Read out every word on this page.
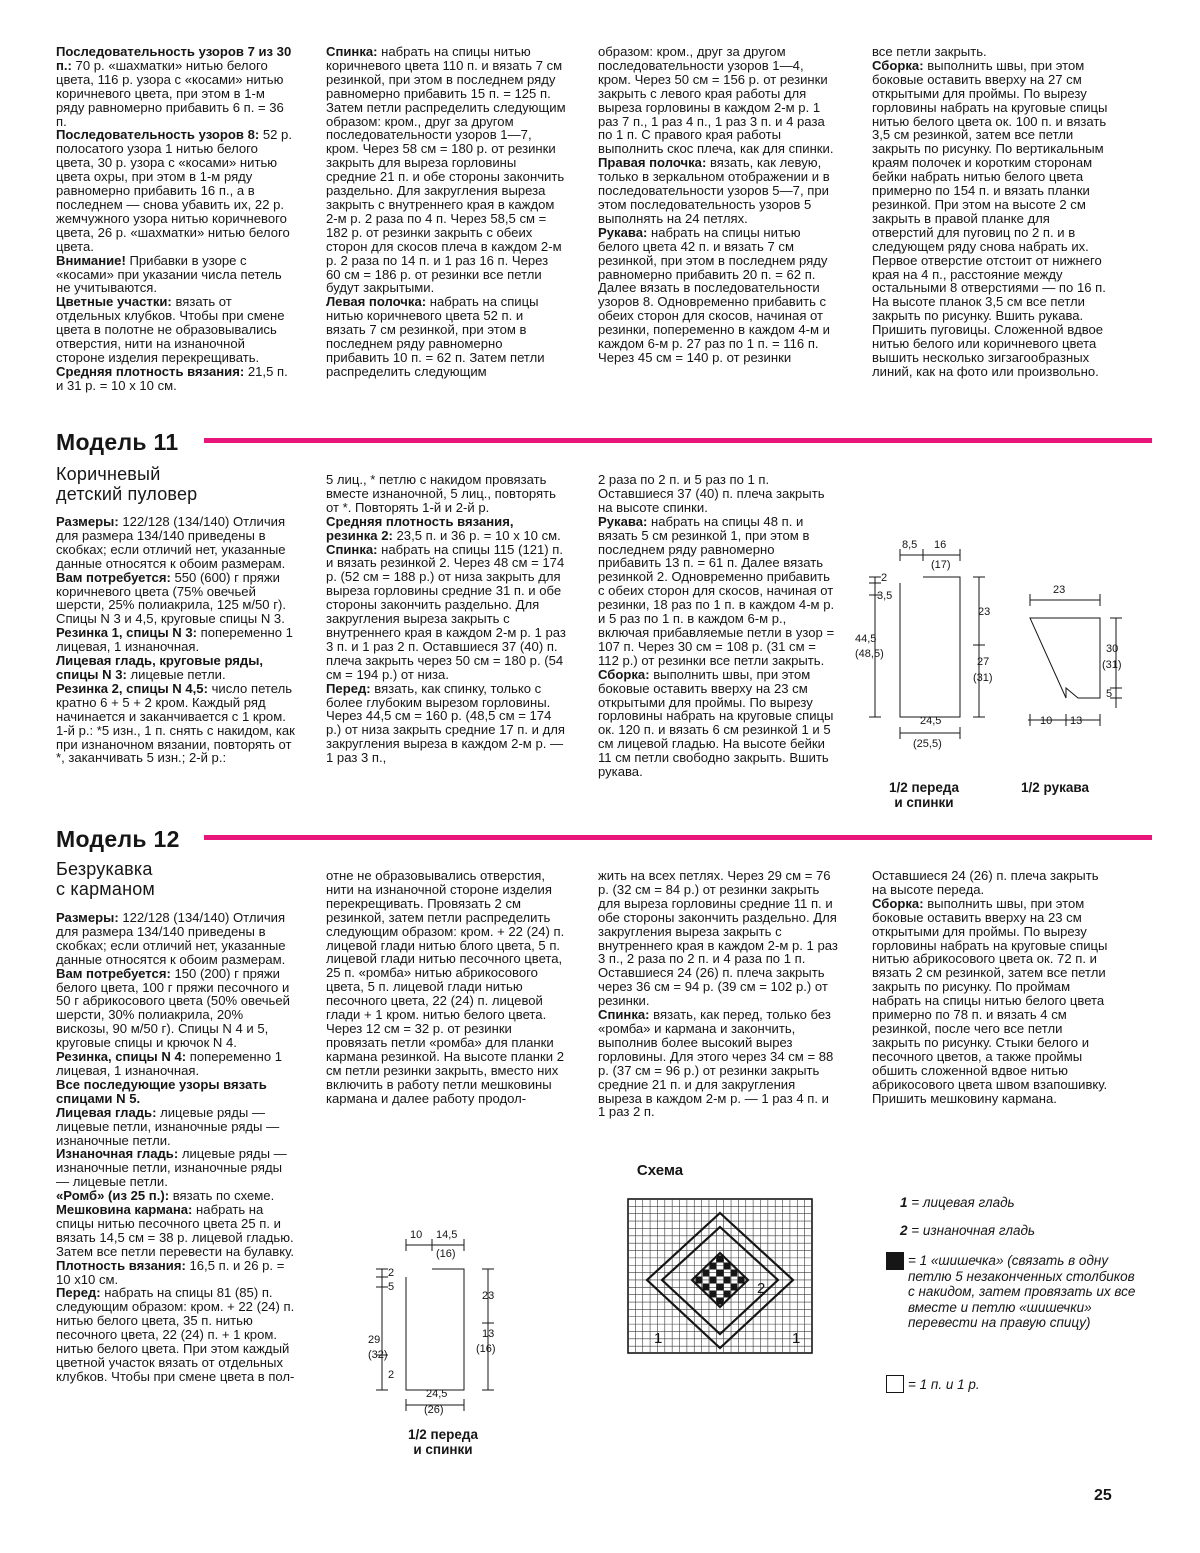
Последовательность узоров 7 из 30 п.: 70 р. «шахматки» нитью белого цвета, 116 р. узора с «косами» нитью коричневого цвета, при этом в 1-м ряду равномерно прибавить 6 п. = 36 п.

Последовательность узоров 8: 52 р. полосатого узора 1 нитью белого цвета, 30 р. узора с «косами» нитью цвета охры, при этом в 1-м ряду равномерно прибавить 16 п., а в последнем — снова убавить их, 22 р. жемчужного узора нитью коричневого цвета, 26 р. «шахматки» нитью белого цвета.

Внимание! Прибавки в узоре с «косами» при указании числа петель не учитываются.

Цветные участки: вязать от отдельных клубков. Чтобы при смене цвета в полотне не образовывались отверстия, нити на изнаночной стороне изделия перекрещивать.

Средняя плотность вязания: 21,5 п. и 31 р. = 10 х 10 см.

Спинка: набрать на спицы нитью коричневого цвета 110 п. и вязать 7 см резинкой, при этом в последнем ряду равномерно прибавить 15 п. = 125 п. Затем петли распределить следующим образом: кром., друг за другом последовательности узоров 1—7, кром. Через 58 см = 180 р. от резинки закрыть для выреза горловины средние 21 п. и обе стороны закончить раздельно. Для закругления выреза закрыть с внутреннего края в каждом 2-м р. 2 раза по 4 п. Через 58,5 см = 182 р. от резинки закрыть с обеих сторон для скосов плеча в каждом 2-м р. 2 раза по 14 п. и 1 раз 16 п. Через 60 см = 186 р. от резинки все петли будут закрытыми.

Левая полочка: набрать на спицы нитью коричневого цвета 52 п. и вязать 7 см резинкой, при этом в последнем ряду равномерно прибавить 10 п. = 62 п. Затем петли распределить следующим

образом: кром., друг за другом последовательности узоров 1—4, кром. Через 50 см = 156 р. от резинки закрыть с левого края работы для выреза горловины в каждом 2-м р. 1 раз 7 п., 1 раз 4 п., 1 раз 3 п. и 4 раза по 1 п. С правого края работы выполнить скос плеча, как для спинки.

Правая полочка: вязать, как левую, только в зеркальном отображении и в последовательности узоров 5—7, при этом последовательность узоров 5 выполнять на 24 петлях.

Рукава: набрать на спицы нитью белого цвета 42 п. и вязать 7 см резинкой, при этом в последнем ряду равномерно прибавить 20 п. = 62 п. Далее вязать в последовательности узоров 8. Одновременно прибавить с обеих сторон для скосов, начиная от резинки, попеременно в каждом 4-м и каждом 6-м р. 27 раз по 1 п. = 116 п. Через 45 см = 140 р. от резинки

все петли закрыть.

Сборка: выполнить швы, при этом боковые оставить вверху на 27 см открытыми для проймы. По вырезу горловины набрать на круговые спицы нитью белого цвета ок. 100 п. и вязать 3,5 см резинкой, затем все петли закрыть по рисунку. По вертикальным краям полочек и коротким сторонам бейки набрать нитью белого цвета примерно по 154 п. и вязать планки резинкой. При этом на высоте 2 см закрыть в правой планке для отверстий для пуговиц по 2 п. и в следующем ряду снова набрать их. Первое отверстие отстоит от нижнего края на 4 п., расстояние между остальными 8 отверстиями — по 16 п. На высоте планок 3,5 см все петли закрыть по рисунку. Вшить рукава. Пришить пуговицы. Сложенной вдвое нитью белого или коричневого цвета вышить несколько зигзагообразных линий, как на фото или произвольно.

Модель 11
Коричневый
детский пуловер

Размеры: 122/128 (134/140) Отличия для размера 134/140 приведены в скобках; если отличий нет, указанные данные относятся к обоим размерам.

Вам потребуется: 550 (600) г пряжи коричневого цвета (75% овечьей шерсти, 25% полиакрила, 125 м/50 г). Спицы N 3 и 4,5, круговые спицы N 3.

Резинка 1, спицы N 3: попеременно 1 лицевая, 1 изнаночная.

Лицевая гладь, круговые ряды, спицы N 3: лицевые петли.

Резинка 2, спицы N 4,5: число петель кратно 6 + 5 + 2 кром. Каждый ряд начинается и заканчивается с 1 кром. 1-й р.: *5 изн., 1 п. снять с накидом, как при изнаночном вязании, повторять от *, заканчивать 5 изн.; 2-й р.:

5 лиц., * петлю с накидом провязать вместе изнаночной, 5 лиц., повторять от *. Повторять 1-й и 2-й р.

Средняя плотность вязания, резинка 2: 23,5 п. и 36 р. = 10 х 10 см.

Спинка: набрать на спицы 115 (121) п. и вязать резинкой 2. Через 48 см = 174 р. (52 см = 188 р.) от низа закрыть для выреза горловины средние 31 п. и обе стороны закончить раздельно. Для закругления выреза закрыть с внутреннего края в каждом 2-м р. 1 раз 3 п. и 1 раз 2 п. Оставшиеся 37 (40) п. плеча закрыть через 50 см = 180 р. (54 см = 194 р.) от низа.

Перед: вязать, как спинку, только с более глубоким вырезом горловины. Через 44,5 см = 160 р. (48,5 см = 174 р.) от низа закрыть средние 17 п. и для закругления выреза в каждом 2-м р. — 1 раз 3 п.,

2 раза по 2 п. и 5 раз по 1 п. Оставшиеся 37 (40) п. плеча закрыть на высоте спинки.

Рукава: набрать на спицы 48 п. и вязать 5 см резинкой 1, при этом в последнем ряду равномерно прибавить 13 п. = 61 п. Далее вязать резинкой 2. Одновременно прибавить с обеих сторон для скосов, начиная от резинки, 18 раз по 1 п. в каждом 4-м р. и 5 раз по 1 п. в каждом 6-м р., включая прибавляемые петли в узор = 107 п. Через 30 см = 108 р. (31 см = 112 р.) от резинки все петли закрыть.

Сборка: выполнить швы, при этом боковые оставить вверху на 23 см открытыми для проймы. По вырезу горловины набрать на круговые спицы ок. 120 п. и вязать 6 см резинкой 1 и 5 см лицевой гладью. На высоте бейки 11 см петли свободно закрыть. Вшить рукава.

8,5 16
(17)
2
3,5
23
44,5
(48,5)
27
(31)
24,5
(25,5)
23
30
(31)
5
10 13
1/2 переда
и спинки
1/2 рукава
Модель 12
Безрукавка
с карманом

Размеры: 122/128 (134/140) Отличия для размера 134/140 приведены в скобках; если отличий нет, указанные данные относятся к обоим размерам.

Вам потребуется: 150 (200) г пряжи белого цвета, 100 г пряжи песочного и 50 г абрикосового цвета (50% овечьей шерсти, 30% полиакрила, 20% вискозы, 90 м/50 г). Спицы N 4 и 5, круговые спицы и крючок N 4.

Резинка, спицы N 4: попеременно 1 лицевая, 1 изнаночная.

Все последующие узоры вязать спицами N 5.

Лицевая гладь: лицевые ряды — лицевые петли, изнаночные ряды — изнаночные петли.

Изнаночная гладь: лицевые ряды — изнаночные петли, изнаночные ряды — лицевые петли.

«Ромб» (из 25 п.): вязать по схеме.

Мешковина кармана: набрать на спицы нитью песочного цвета 25 п. и вязать 14,5 см = 38 р. лицевой гладью. Затем все петли перевести на булавку.

Плотность вязания: 16,5 п. и 26 р. = 10 х10 см.

Перед: набрать на спицы 81 (85) п. следующим образом: кром. + 22 (24) п. нитью белого цвета, 35 п. нитью песочного цвета, 22 (24) п. + 1 кром. нитью белого цвета. При этом каждый цветной участок вязать от отдельных клубков. Чтобы при смене цвета в пол-

отне не образовывались отверстия, нити на изнаночной стороне изделия перекрещивать. Провязать 2 см резинкой, затем петли распределить следующим образом: кром. + 22 (24) п. лицевой глади нитью блого цвета, 5 п. лицевой глади нитью песочного цвета, 25 п. «ромба» нитью абрикосового цвета, 5 п. лицевой глади нитью песочного цвета, 22 (24) п. лицевой глади + 1 кром. нитью белого цвета. Через 12 см = 32 р. от резинки провязать петли «ромба» для планки кармана резинкой. На высоте планки 2 см петли резинки закрыть, вместо них включить в работу петли мешковины кармана и далее работу продол-

жить на всех петлях. Через 29 см = 76 р. (32 см = 84 р.) от резинки закрыть для выреза горловины средние 11 п. и обе стороны закончить раздельно. Для закругления выреза закрыть с внутреннего края в каждом 2-м р. 1 раз 3 п., 2 раза по 2 п. и 4 раза по 1 п. Оставшиеся 24 (26) п. плеча закрыть через 36 см = 94 р. (39 см = 102 р.) от резинки.

Спинка: вязать, как перед, только без «ромба» и кармана и закончить, выполнив более высокий вырез горловины. Для этого через 34 см = 88 р. (37 см = 96 р.) от резинки закрыть средние 21 п. и для закругления выреза в каждом 2-м р. — 1 раз 4 п. и 1 раз 2 п.

Оставшиеся 24 (26) п. плеча закрыть на высоте переда.

Сборка: выполнить швы, при этом боковые оставить вверху на 23 см открытыми для проймы. По вырезу горловины набрать на круговые спицы нитью абрикосового цвета ок. 72 п. и вязать 2 см резинкой, затем все петли закрыть по рисунку. По проймам набрать на спицы нитью белого цвета примерно по 78 п. и вязать 4 см резинкой, после чего все петли закрыть по рисунку. Стыки белого и песочного цветов, а также проймы обшить сложенной вдвое нитью абрикосового цвета швом взапошивку. Пришить мешковину кармана.

10 14,5
(16)
2
5
23
29
(32)
13
(16)
2
24,5
(26)
1/2 переда
и спинки
Схема
1	1
2
1 = лицевая гладь
2 = изнаночная гладь
= 1 «шишечка» (связать в одну петлю 5 незаконченных столбиков с накидом, затем провязать их все вместе и петлю «шишечки» перевести на правую спицу)
= 1 п. и 1 р.
25
